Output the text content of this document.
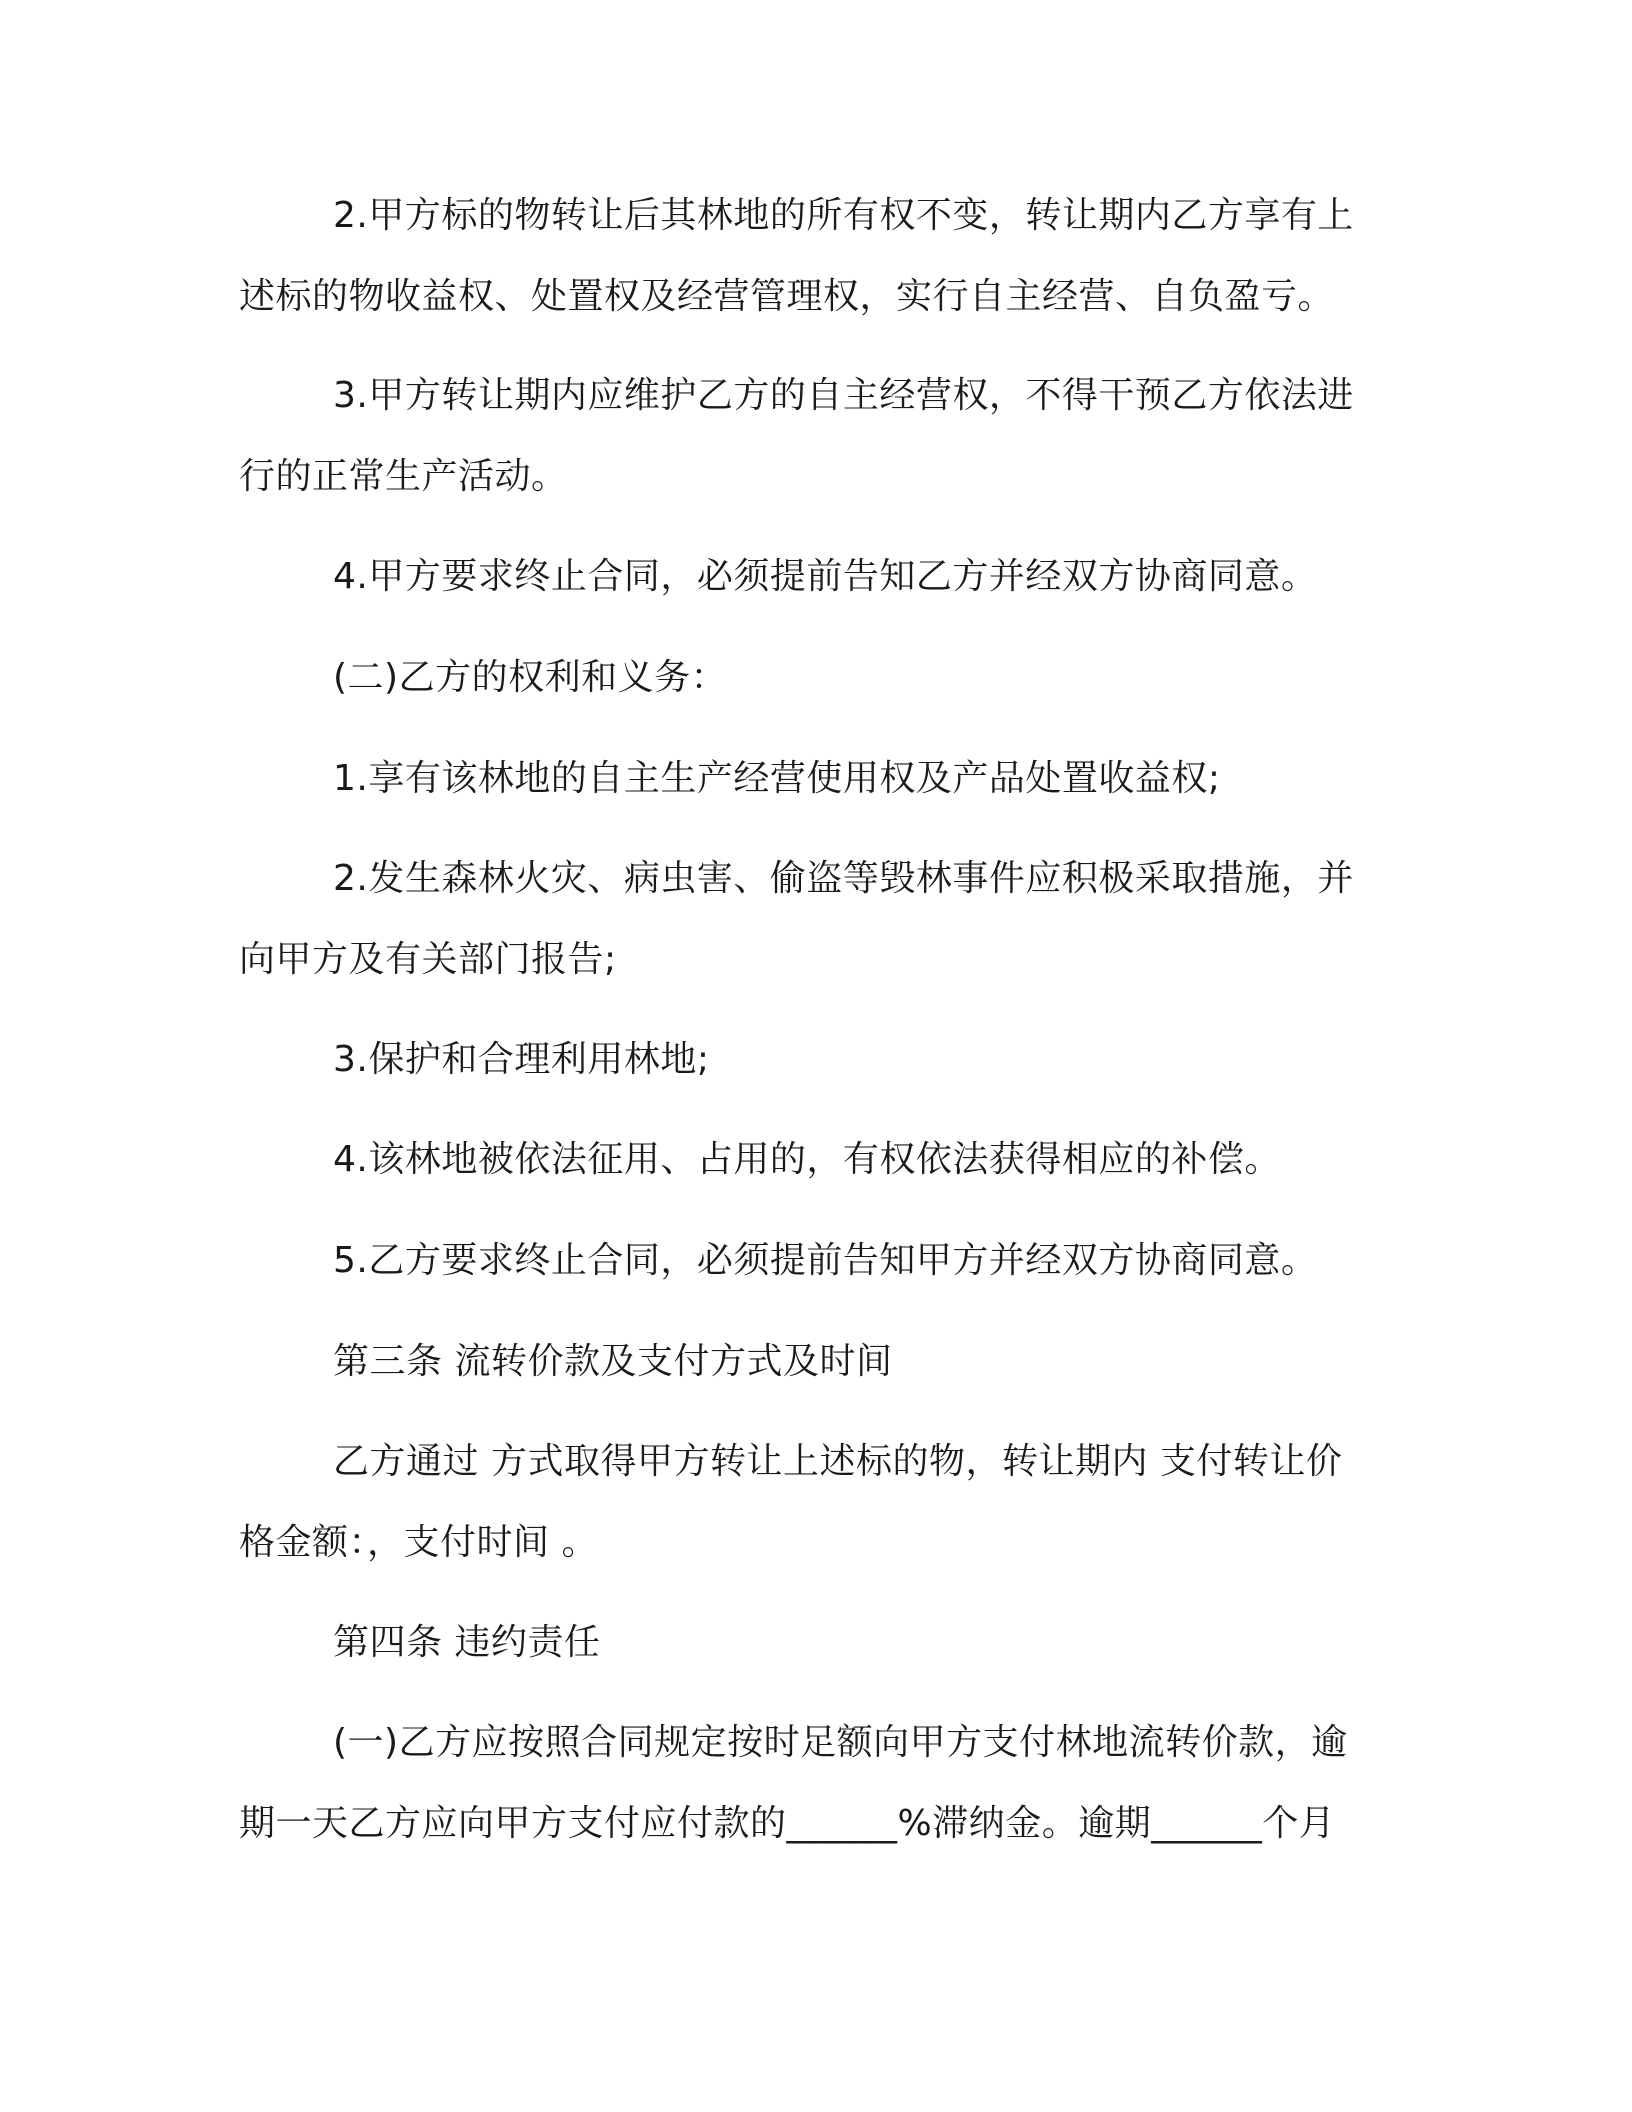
2.甲方标的物转让后其林地的所有权不变，转让期内乙方享有上
述标的物收益权、处置权及经营管理权，实行自主经营、自负盈亏。

3.甲方转让期内应维护乙方的自主经营权，不得干预乙方依法进
行的正常生产活动。

4.甲方要求终止合同，必须提前告知乙方并经双方协商同意。

(二)乙方的权利和义务：

1.享有该林地的自主生产经营使用权及产品处置收益权;

2.发生森林火灾、病虫害、偷盗等毁林事件应积极采取措施，并
向甲方及有关部门报告;

3.保护和合理利用林地;

4.该林地被依法征用、占用的，有权依法获得相应的补偿。

5.乙方要求终止合同，必须提前告知甲方并经双方协商同意。

第三条 流转价款及支付方式及时间

乙方通过 方式取得甲方转让上述标的物，转让期内 支付转让价
格金额：，支付时间 。

第四条 违约责任

(一)乙方应按照合同规定按时足额向甲方支付林地流转价款，逾
期一天乙方应向甲方支付应付款的______%滞纳金。逾期______个月
